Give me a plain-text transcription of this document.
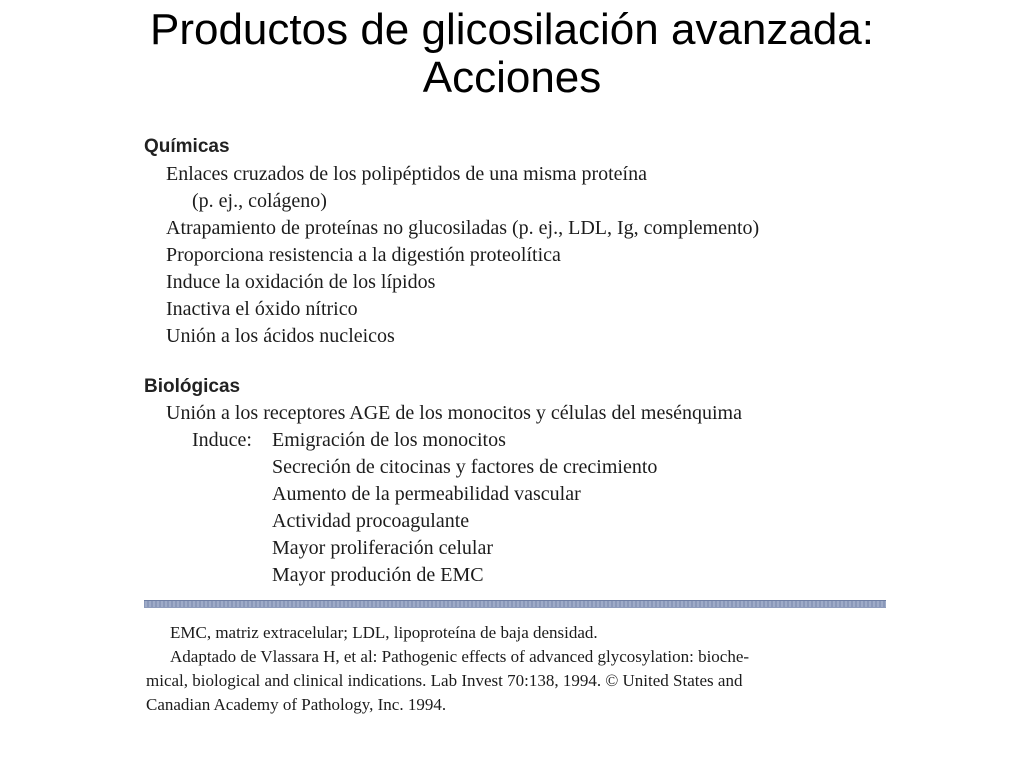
Productos de glicosilación avanzada:
Acciones
Químicas
Enlaces cruzados de los polipéptidos de una misma proteína
(p. ej., colágeno)
Atrapamiento de proteínas no glucosiladas (p. ej., LDL, Ig, complemento)
Proporciona resistencia a la digestión proteolítica
Induce la oxidación de los lípidos
Inactiva el óxido nítrico
Unión a los ácidos nucleicos
Biológicas
Unión a los receptores AGE de los monocitos y células del mesénquima
Induce: Emigración de los monocitos
Secreción de citocinas y factores de crecimiento
Aumento de la permeabilidad vascular
Actividad procoagulante
Mayor proliferación celular
Mayor produción de EMC
EMC, matriz extracelular; LDL, lipoproteína de baja densidad.
Adaptado de Vlassara H, et al: Pathogenic effects of advanced glycosylation: bioche-
mical, biological and clinical indications. Lab Invest 70:138, 1994. © United States and
Canadian Academy of Pathology, Inc. 1994.
